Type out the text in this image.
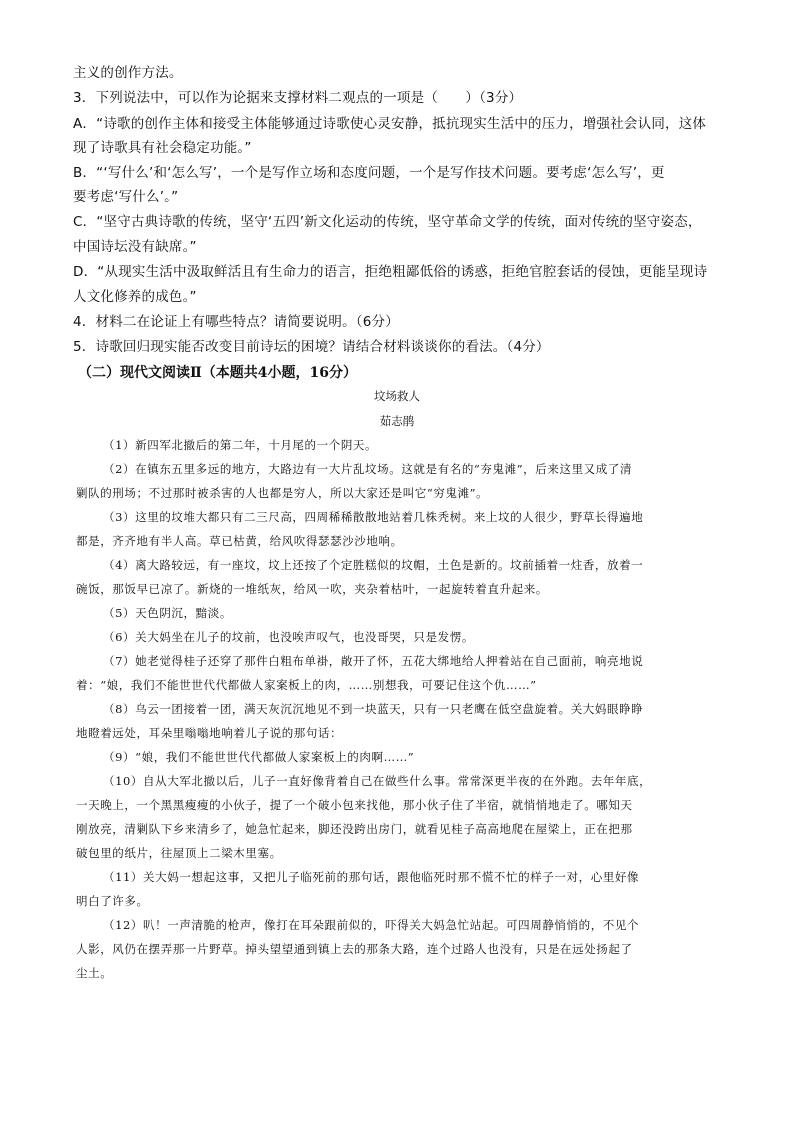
主义的创作方法。
3．下列说法中，可以作为论据来支撑材料二观点的一项是（　　）（3分）
A．“诗歌的创作主体和接受主体能够通过诗歌使心灵安静，抵抗现实生活中的压力，增强社会认同，这体
现了诗歌具有社会稳定功能。”
B．“‘写什么’和‘怎么写’，一个是写作立场和态度问题，一个是写作技术问题。要考虑‘怎么写’，更
要考虑‘写什么’。”
C．“坚守古典诗歌的传统，坚守‘五四’新文化运动的传统，坚守革命文学的传统，面对传统的坚守姿态，
中国诗坛没有缺席。”
D．“从现实生活中汲取鲜活且有生命力的语言，拒绝粗鄙低俗的诱惑，拒绝官腔套话的侵蚀，更能呈现诗
人文化修养的成色。”
4．材料二在论证上有哪些特点？请简要说明。（6分）
5．诗歌回归现实能否改变目前诗坛的困境？请结合材料谈谈你的看法。（4分）
（二）现代文阅读Ⅱ（本题共4小题，16分）
坟场救人
茹志鹃
（1）新四军北撤后的第二年，十月尾的一个阴天。
（2）在镇东五里多远的地方，大路边有一大片乱坟场。这就是有名的“夯鬼滩”，后来这里又成了清
剿队的刑场；不过那时被杀害的人也都是穷人，所以大家还是叫它“穷鬼滩”。
（3）这里的坟堆大都只有二三尺高，四周稀稀散散地站着几株秃树。来上坟的人很少，野草长得遍地
都是，齐齐地有半人高。草已枯黄，给风吹得瑟瑟沙沙地响。
（4）离大路较远，有一座坟，坟上还按了个定胜糕似的坟帽，土色是新的。坟前插着一炷香，放着一
碗饭，那饭早已凉了。新烧的一堆纸灰，给风一吹，夹杂着枯叶，一起旋转着直升起来。
（5）天色阴沉，黯淡。
（6）关大妈坐在儿子的坟前，也没唉声叹气，也没哥哭，只是发愣。
（7）她老觉得桂子还穿了那件白粗布单褂，敞开了怀，五花大绑地给人押着站在自己面前，响亮地说
着：“娘，我们不能世世代代都做人家案板上的肉，……别想我，可要记住这个仇……”
（8）乌云一团接着一团，满天灰沉沉地见不到一块蓝天，只有一只老鹰在低空盘旋着。关大妈眼睁睁
地瞪着远处，耳朵里嗡嗡地响着儿子说的那句话：
（9）“娘，我们不能世世代代都做人家案板上的肉啊……”
（10）自从大军北撤以后，儿子一直好像背着自己在做些什么事。常常深更半夜的在外跑。去年年底，
一天晚上，一个黑黑瘦瘦的小伙子，提了一个破小包来找他，那小伙子住了半宿，就悄悄地走了。哪知天
刚放亮，清剿队下乡来清乡了，她急忙起来，脚还没跨出房门，就看见桂子高高地爬在屋梁上，正在把那
破包里的纸片，往屋顶上二梁木里塞。
（11）关大妈一想起这事，又把儿子临死前的那句话，跟他临死时那不慌不忙的样子一对，心里好像
明白了许多。
（12）叭！一声清脆的枪声，像打在耳朵跟前似的，吓得关大妈急忙站起。可四周静悄悄的，不见个
人影，风仍在摆弄那一片野草。掉头望望通到镇上去的那条大路，连个过路人也没有，只是在远处扬起了
尘土。
